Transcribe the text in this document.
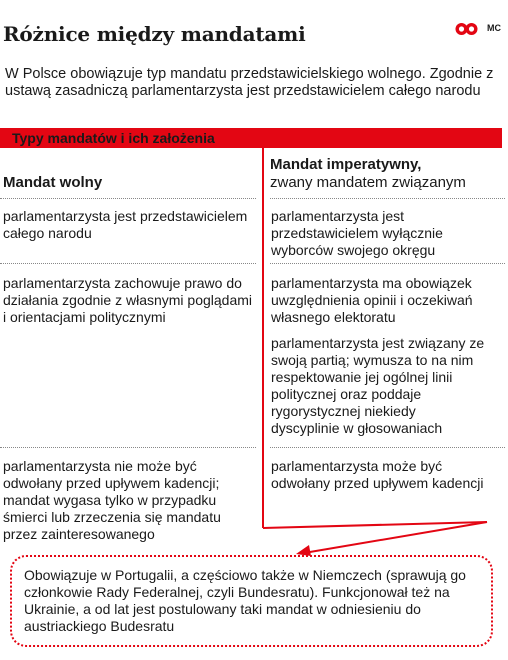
Różnice między mandatami	MC
W Polsce obowiązuje typ mandatu przedstawicielskiego wolnego. Zgodnie z ustawą zasadniczą parlamentarzysta jest przedstawicielem całego narodu
Typy mandatów i ich założenia
Mandat wolny
Mandat imperatywny,
zwany mandatem związanym
parlamentarzysta jest przedstawicielem całego narodu
parlamentarzysta jest przedstawicielem wyłącznie wyborców swojego okręgu
parlamentarzysta zachowuje prawo do działania zgodnie z własnymi poglądami i orientacjami politycznymi
parlamentarzysta ma obowiązek uwzględnienia opinii i oczekiwań własnego elektoratu
parlamentarzysta jest związany ze swoją partią; wymusza to na nim respektowanie jej ogólnej linii politycznej oraz poddaje rygorystycznej niekiedy dyscyplinie w głosowaniach
parlamentarzysta nie może być odwołany przed upływem kadencji; mandat wygasa tylko w przypadku śmierci lub zrzeczenia się mandatu przez zainteresowanego
parlamentarzysta może być odwołany przed upływem kadencji
Obowiązuje w Portugalii, a częściowo także w Niemczech (sprawują go członkowie Rady Federalnej, czyli Bundesratu). Funkcjonował też na Ukrainie, a od lat jest postulowany taki mandat w odniesieniu do austriackiego Budesratu
